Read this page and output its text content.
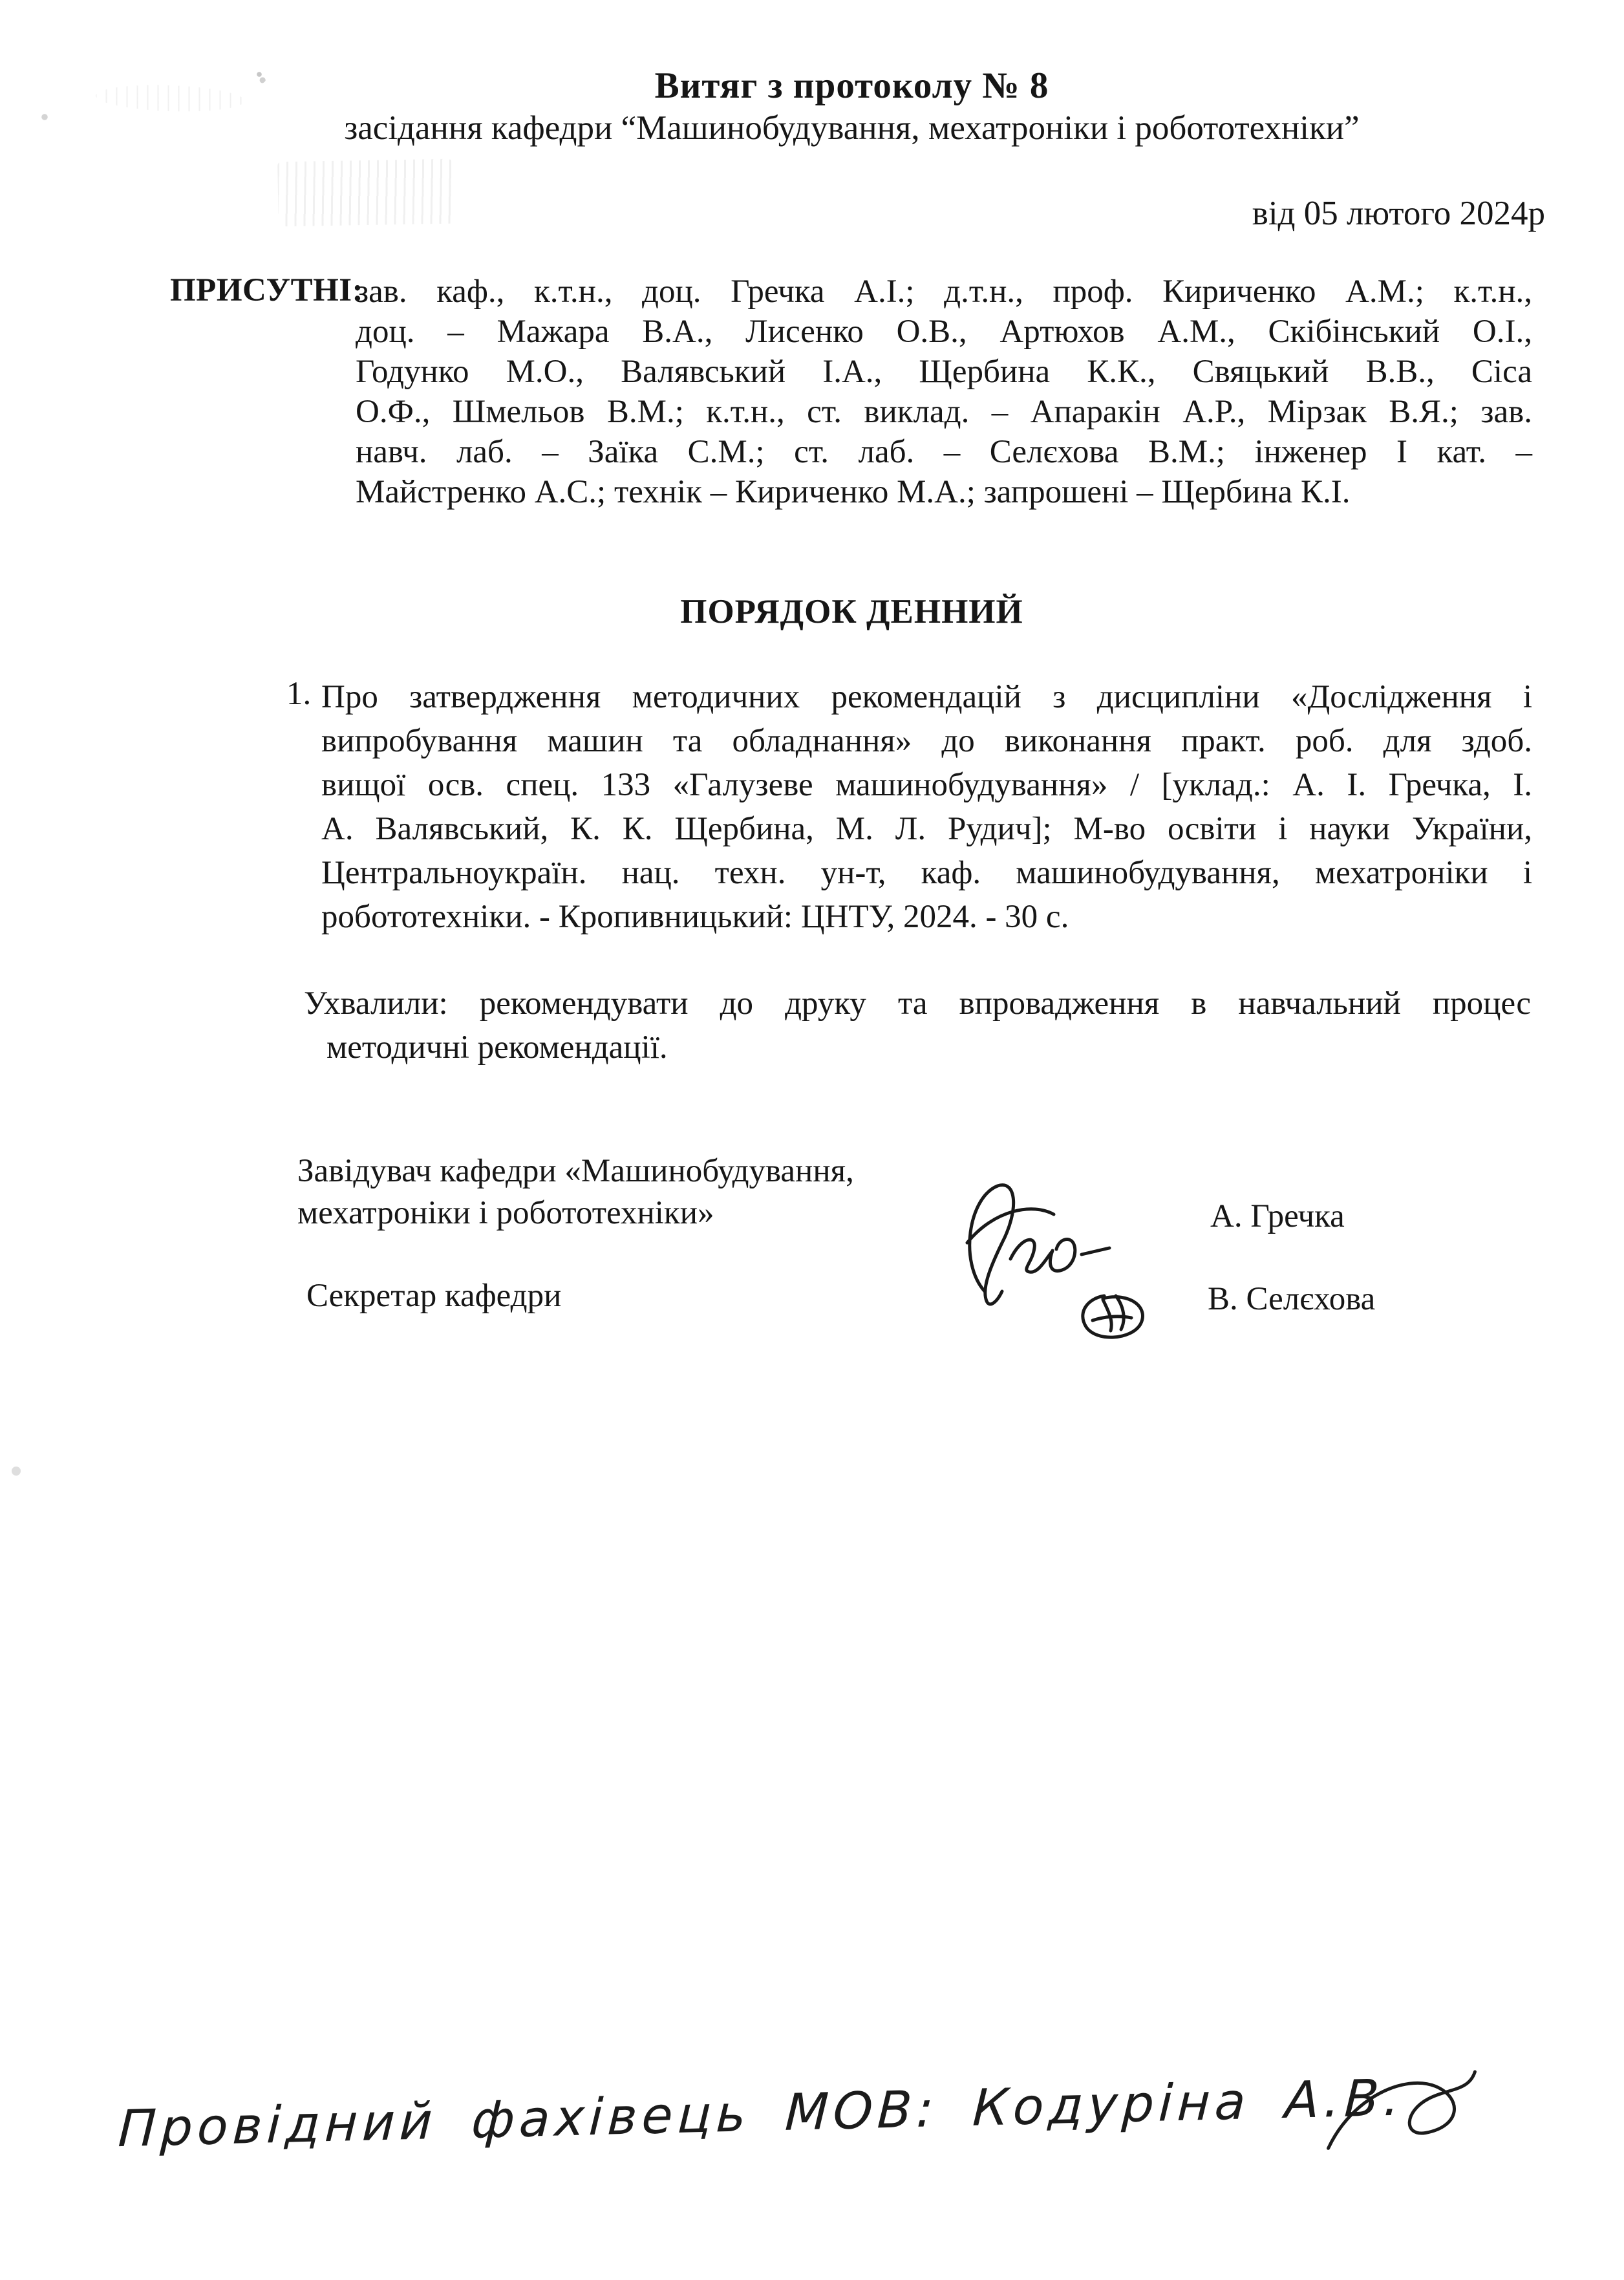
Витяг з протоколу № 8
засідання кафедри “Машинобудування, мехатроніки і робототехніки”
від 05 лютого 2024р
ПРИСУТНІ:
зав. каф., к.т.н., доц. Гречка А.І.; д.т.н., проф. Кириченко А.М.; к.т.н.,
доц. – Мажара В.А., Лисенко О.В., Артюхов А.М., Скібінський О.І.,
Годунко М.О., Валявський І.А., Щербина К.К., Свяцький В.В., Сіса
О.Ф., Шмельов В.М.; к.т.н., ст. виклад. – Апаракін А.Р., Мірзак В.Я.; зав.
навч. лаб. – Заїка С.М.; ст. лаб. – Селєхова В.М.; інженер І кат. –
Майстренко А.С.; технік – Кириченко М.А.; запрошені – Щербина К.І.
ПОРЯДОК ДЕННИЙ
1. Про затвердження методичних рекомендацій з дисципліни «Дослідження і
випробування машин та обладнання» до виконання практ. роб. для здоб.
вищої осв. спец. 133 «Галузеве машинобудування» / [уклад.: А. І. Гречка, І.
А. Валявський, К. К. Щербина, М. Л. Рудич]; М-во освіти і науки України,
Центральноукраїн. нац. техн. ун-т, каф. машинобудування, мехатроніки і
робототехніки. - Кропивницький: ЦНТУ, 2024. - 30 с.
Ухвалили: рекомендувати до друку та впровадження в навчальний процес
методичні рекомендації.
Завідувач кафедри «Машинобудування,
мехатроніки і робототехніки»	А. Гречка
Секретар кафедри	В. Селєхова
Провідний фахівець МОВ: Кодуріна А.В.
